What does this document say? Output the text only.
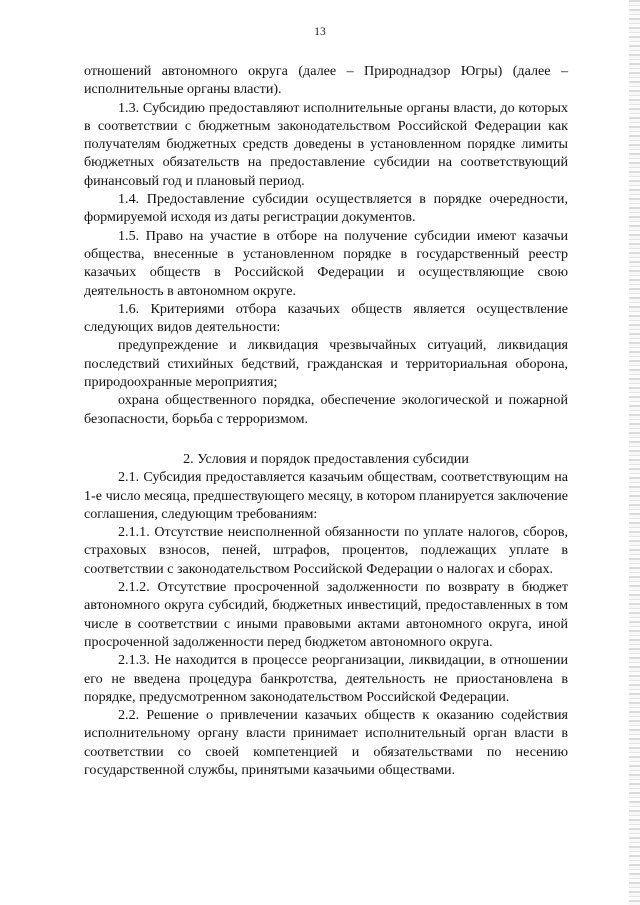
13

отношений автономного округа (далее – Природнадзор Югры) (далее – исполнительные органы власти).

1.3. Субсидию предоставляют исполнительные органы власти, до которых в соответствии с бюджетным законодательством Российской Федерации как получателям бюджетных средств доведены в установленном порядке лимиты бюджетных обязательств на предоставление субсидии на соответствующий финансовый год и плановый период.

1.4. Предоставление субсидии осуществляется в порядке очередности, формируемой исходя из даты регистрации документов.

1.5. Право на участие в отборе на получение субсидии имеют казачьи общества, внесенные в установленном порядке в государственный реестр казачьих обществ в Российской Федерации и осуществляющие свою деятельность в автономном округе.

1.6. Критериями отбора казачьих обществ является осуществление следующих видов деятельности:

предупреждение и ликвидация чрезвычайных ситуаций, ликвидация последствий стихийных бедствий, гражданская и территориальная оборона, природоохранные мероприятия;

охрана общественного порядка, обеспечение экологической и пожарной безопасности, борьба с терроризмом.

2. Условия и порядок предоставления субсидии

2.1. Субсидия предоставляется казачьим обществам, соответствующим на 1-е число месяца, предшествующего месяцу, в котором планируется заключение соглашения, следующим требованиям:

2.1.1. Отсутствие неисполненной обязанности по уплате налогов, сборов, страховых взносов, пеней, штрафов, процентов, подлежащих уплате в соответствии с законодательством Российской Федерации о налогах и сборах.

2.1.2. Отсутствие просроченной задолженности по возврату в бюджет автономного округа субсидий, бюджетных инвестиций, предоставленных в том числе в соответствии с иными правовыми актами автономного округа, иной просроченной задолженности перед бюджетом автономного округа.

2.1.3. Не находится в процессе реорганизации, ликвидации, в отношении его не введена процедура банкротства, деятельность не приостановлена в порядке, предусмотренном законодательством Российской Федерации.

2.2. Решение о привлечении казачьих обществ к оказанию содействия исполнительному органу власти принимает исполнительный орган власти в соответствии со своей компетенцией и обязательствами по несению государственной службы, принятыми казачьими обществами.
